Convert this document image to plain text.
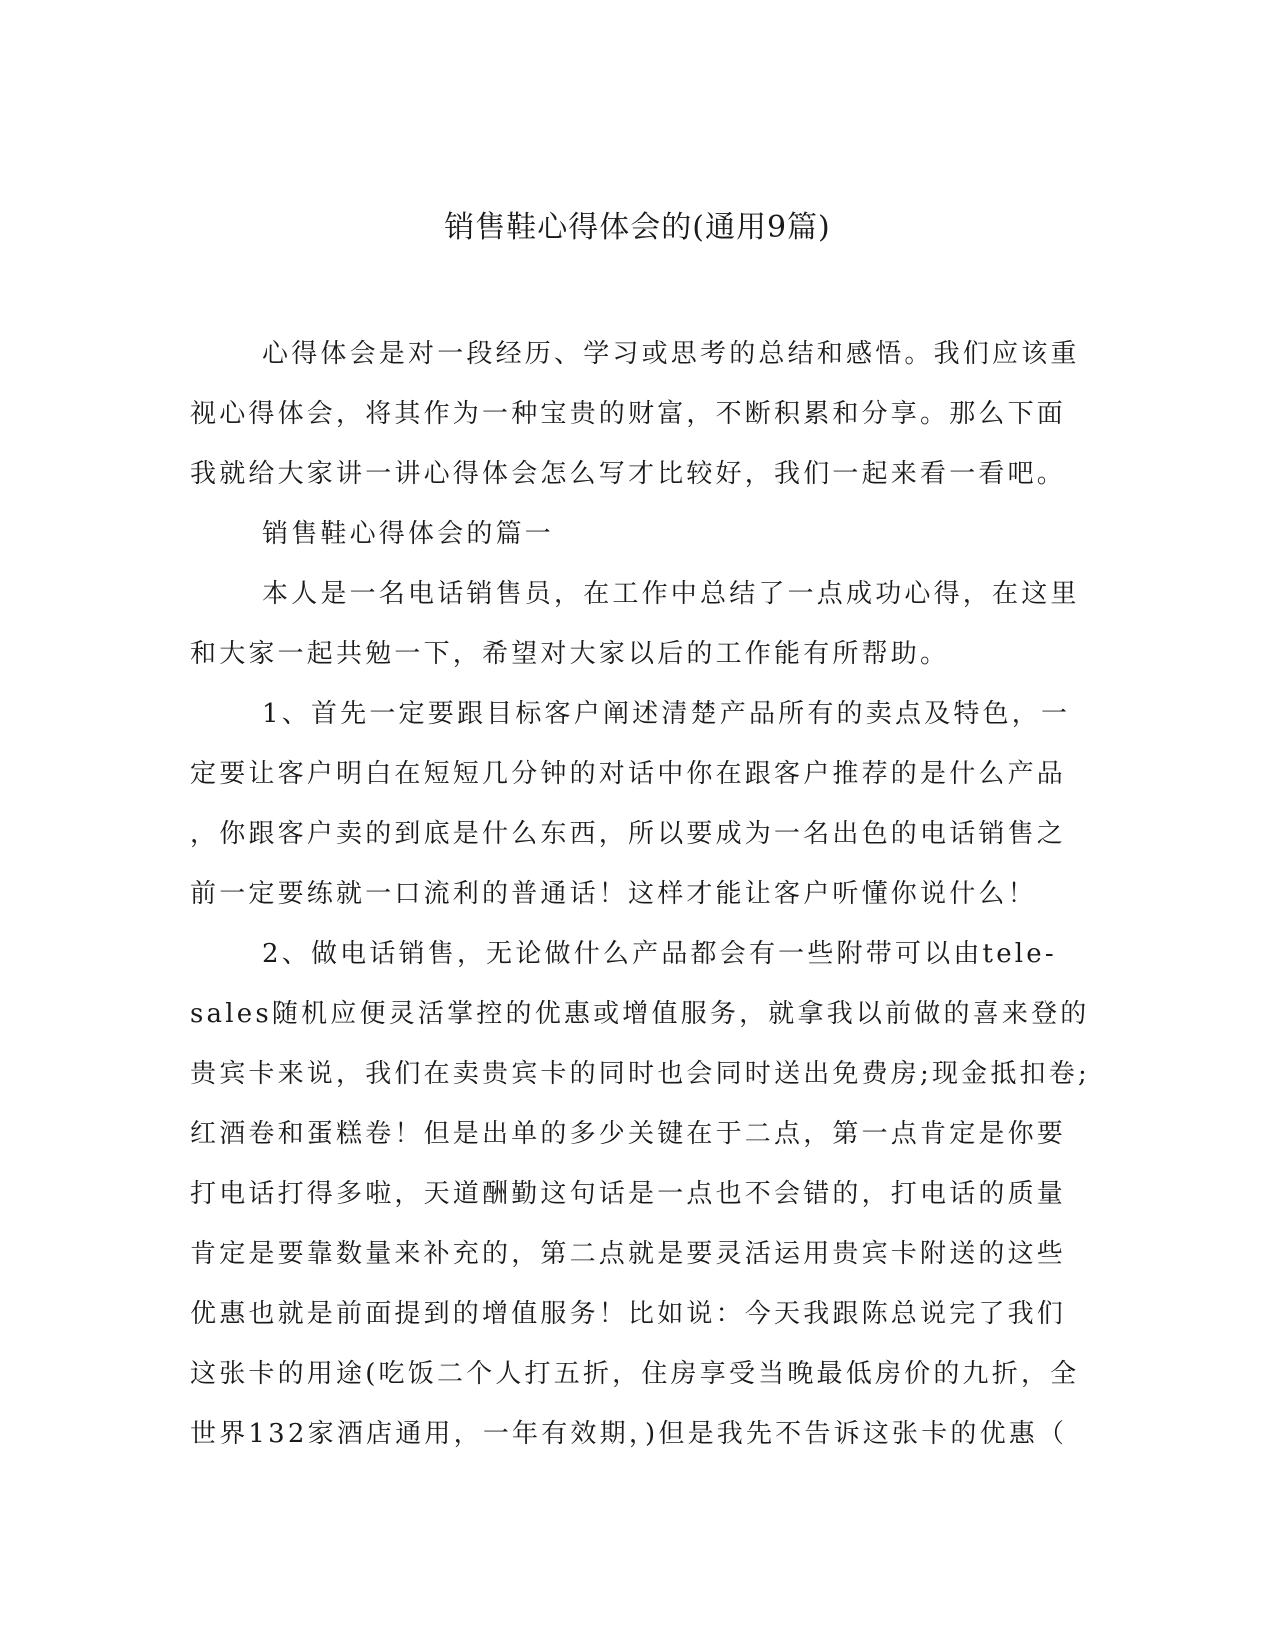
销售鞋心得体会的(通用9篇)
心得体会是对一段经历、学习或思考的总结和感悟。我们应该重
视心得体会，将其作为一种宝贵的财富，不断积累和分享。那么下面
我就给大家讲一讲心得体会怎么写才比较好，我们一起来看一看吧。
销售鞋心得体会的篇一
本人是一名电话销售员，在工作中总结了一点成功心得，在这里
和大家一起共勉一下，希望对大家以后的工作能有所帮助。
1、首先一定要跟目标客户阐述清楚产品所有的卖点及特色，一
定要让客户明白在短短几分钟的对话中你在跟客户推荐的是什么产品
，你跟客户卖的到底是什么东西，所以要成为一名出色的电话销售之
前一定要练就一口流利的普通话！这样才能让客户听懂你说什么！
2、做电话销售，无论做什么产品都会有一些附带可以由tele-
sales随机应便灵活掌控的优惠或增值服务，就拿我以前做的喜来登的
贵宾卡来说，我们在卖贵宾卡的同时也会同时送出免费房;现金抵扣卷;
红酒卷和蛋糕卷！但是出单的多少关键在于二点，第一点肯定是你要
打电话打得多啦，天道酬勤这句话是一点也不会错的，打电话的质量
肯定是要靠数量来补充的，第二点就是要灵活运用贵宾卡附送的这些
优惠也就是前面提到的增值服务！比如说：今天我跟陈总说完了我们
这张卡的用途(吃饭二个人打五折，住房享受当晚最低房价的九折，全
世界132家酒店通用，一年有效期，)但是我先不告诉这张卡的优惠（
